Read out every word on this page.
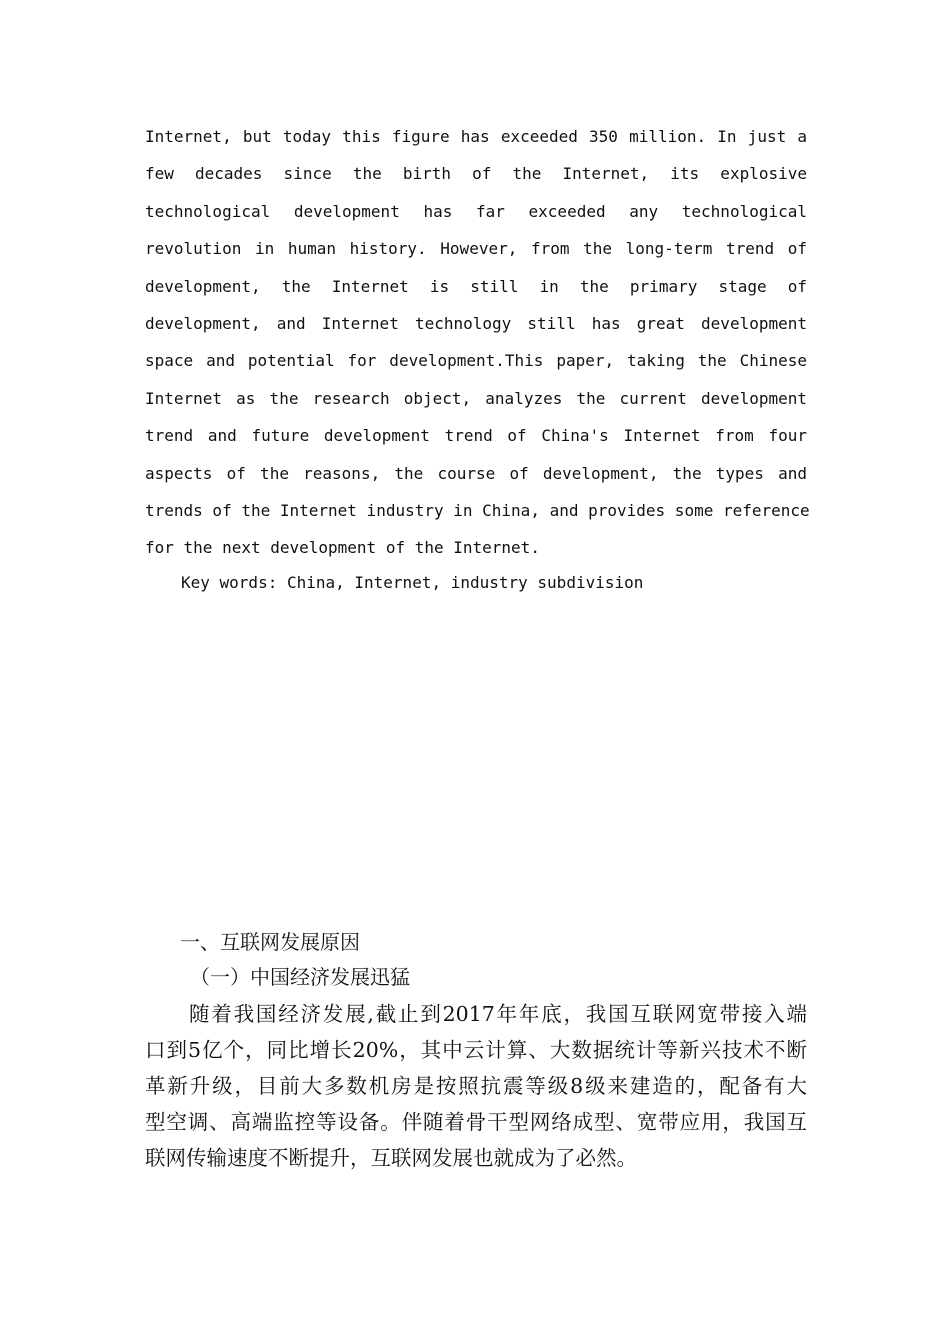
Internet, but today this figure has exceeded 350 million. In just a
few decades since the birth of the Internet, its explosive
technological development has far exceeded any technological
revolution in human history. However, from the long-term trend of
development, the Internet is still in the primary stage of
development, and Internet technology still has great development
space and potential for development.This paper, taking the Chinese
Internet as the research object, analyzes the current development
trend and future development trend of China's Internet from four
aspects of the reasons, the course of development, the types and
trends of the Internet industry in China, and provides some reference
for the next development of the Internet.
Key words: China, Internet, industry subdivision
一、互联网发展原因
（一）中国经济发展迅猛
随着我国经济发展,截止到2017年年底，我国互联网宽带接入端
口到5亿个，同比增长20%，其中云计算、大数据统计等新兴技术不断
革新升级，目前大多数机房是按照抗震等级8级来建造的，配备有大
型空调、高端监控等设备。伴随着骨干型网络成型、宽带应用，我国互
联网传输速度不断提升，互联网发展也就成为了必然。
